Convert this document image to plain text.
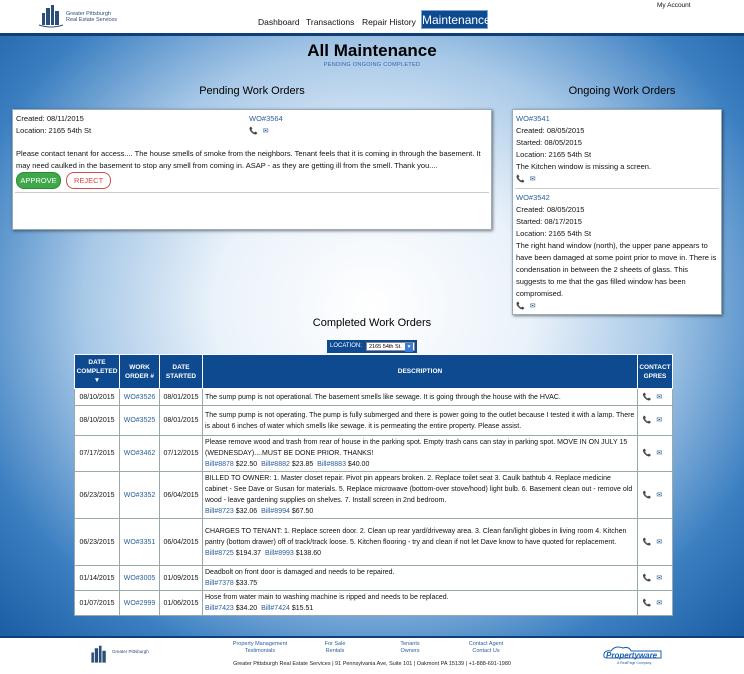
Greater Pittsburgh
Real Estate Services	Dashboard Transactions Repair History Maintenance
My Account
All Maintenance
PENDING ONGOING COMPLETED
Pending Work Orders	Ongoing Work Orders
Created: 08/11/2015
Location: 2165 54th St
WO#3564
📞 ✉
Please contact tenant for access.... The house smells of smoke from the neighbors. Tenant feels that it is coming in through the basement. It may need caulked in the basement to stop any smell from coming in. ASAP - as they are getting ill from the smell. Thank you....
APPROVE REJECT
WO#3541
Created: 08/05/2015
Started: 08/05/2015
Location: 2165 54th St
The Kitchen window is missing a screen.
📞 ✉
WO#3542
Created: 08/05/2015
Started: 08/17/2015
Location: 2165 54th St
The right hand window (north), the upper pane appears to have been damaged at some point prior to move in. There is condensation in between the 2 sheets of glass. This suggests to me that the gas filled window has been compromised.
📞 ✉
Completed Work Orders
LOCATION:	2165 54th St.	▾
DATE COMPLETED ▼	WORK ORDER #	DATE STARTED	DESCRIPTION	CONTACT GPRES
08/10/2015	WO#3526	08/01/2015	The sump pump is not operational. The basement smells like sewage. It is going through the house with the HVAC.	📞 ✉
08/10/2015	WO#3525	08/01/2015	The sump pump is not operating. The pump is fully submerged and there is power going to the outlet because I tested it with a lamp. There is about 6 inches of water which smells like sewage. it is permeating the entire property. Please assist.	📞 ✉
07/17/2015	WO#3462	07/12/2015	Please remove wood and trash from rear of house in the parking spot. Empty trash cans can stay in parking spot. MOVE IN ON JULY 15 (WEDNESDAY)....MUST BE DONE PRIOR. THANKS!
Bill#8878 $22.50 Bill#8882 $23.85 Bill#8883 $40.00	📞 ✉
06/23/2015	WO#3352	06/04/2015	BILLED TO OWNER: 1. Master closet repair. Pivot pin appears broken. 2. Replace toilet seat 3. Caulk bathtub 4. Replace medicine cabinet - See Dave or Susan for materials. 5. Replace microwave (bottom-over stove/hood) light bulb. 6. Basement clean out - remove old wood - leave gardening supplies on shelves. 7. Install screen in 2nd bedroom.
Bill#8723 $32.06 Bill#8994 $67.50	📞 ✉
06/23/2015	WO#3351	06/04/2015	CHARGES TO TENANT: 1. Replace screen door. 2. Clean up rear yard/driveway area. 3. Clean fan/light globes in living room 4. Kitchen pantry (bottom drawer) off of track/track loose. 5. Kitchen flooring - try and clean if not let Dave know to have quoted for replacement.
Bill#8725 $194.37 Bill#8993 $138.60	📞 ✉
01/14/2015	WO#3005	01/09/2015	Deadbolt on front door is damaged and needs to be repaired.
Bill#7378 $33.75	📞 ✉
01/07/2015	WO#2999	01/06/2015	Hose from water main to washing machine is ripped and needs to be replaced.
Bill#7423 $34.20 Bill#7424 $15.51	📞 ✉
Greater Pittsburgh
Property Management
Testimonials
For Sale
Rentals
Tenants
Owners
Contact Agent
Contact Us
Greater Pittsburgh Real Estate Services | 91 Pennsylvania Ave, Suite 101 | Oakmont PA 15139 | +1-888-691-1980
Propertyware
A RealPage Company
